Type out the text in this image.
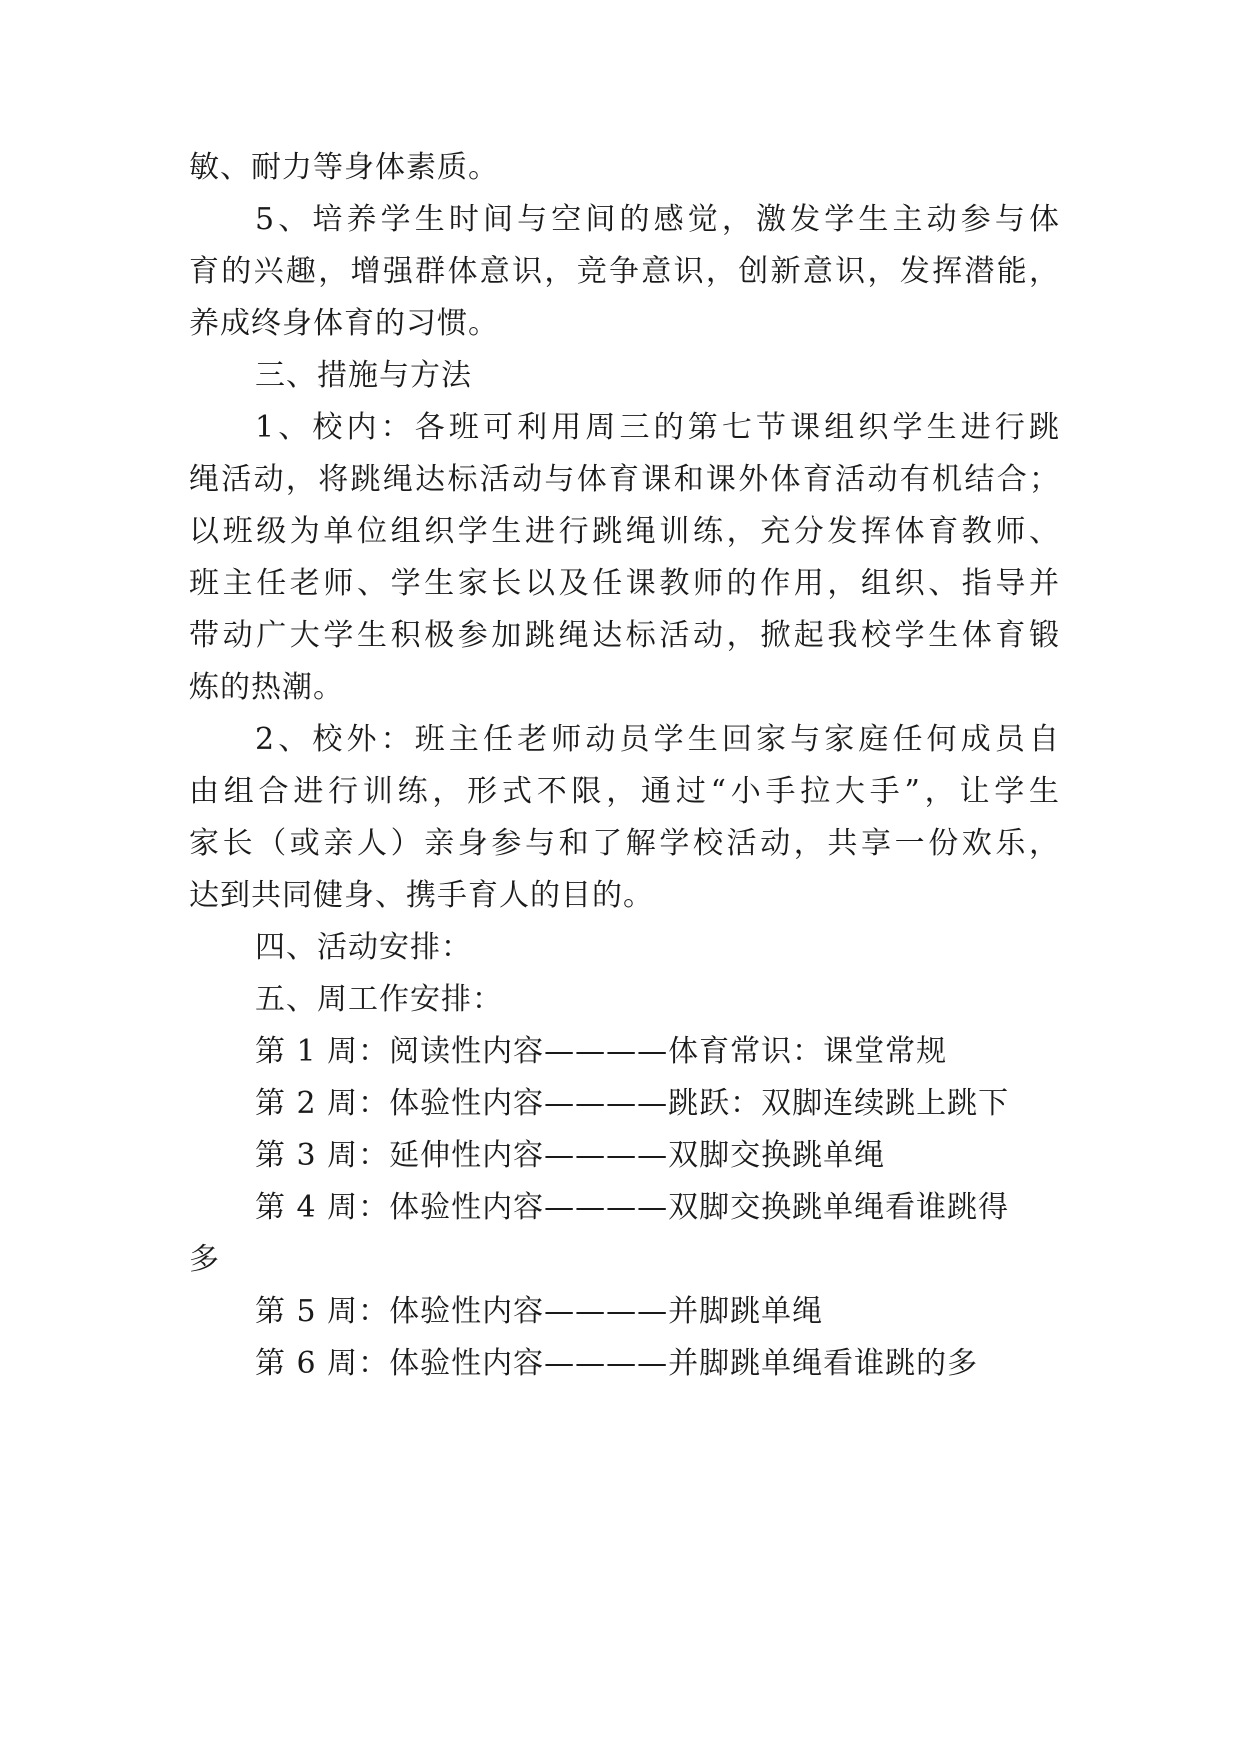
敏、耐力等身体素质。
5、培养学生时间与空间的感觉，激发学生主动参与体
育的兴趣，增强群体意识，竞争意识，创新意识，发挥潜能，
养成终身体育的习惯。
三、措施与方法
1、校内：各班可利用周三的第七节课组织学生进行跳
绳活动，将跳绳达标活动与体育课和课外体育活动有机结合；
以班级为单位组织学生进行跳绳训练，充分发挥体育教师、
班主任老师、学生家长以及任课教师的作用，组织、指导并
带动广大学生积极参加跳绳达标活动，掀起我校学生体育锻
炼的热潮。
2、校外：班主任老师动员学生回家与家庭任何成员自
由组合进行训练，形式不限，通过“小手拉大手”，让学生
家长（或亲人）亲身参与和了解学校活动，共享一份欢乐，
达到共同健身、携手育人的目的。
四、活动安排：
五、周工作安排：
第 1 周：阅读性内容————体育常识：课堂常规
第 2 周：体验性内容————跳跃：双脚连续跳上跳下
第 3 周：延伸性内容————双脚交换跳单绳
第 4 周：体验性内容————双脚交换跳单绳看谁跳得
多
第 5 周：体验性内容————并脚跳单绳
第 6 周：体验性内容————并脚跳单绳看谁跳的多
